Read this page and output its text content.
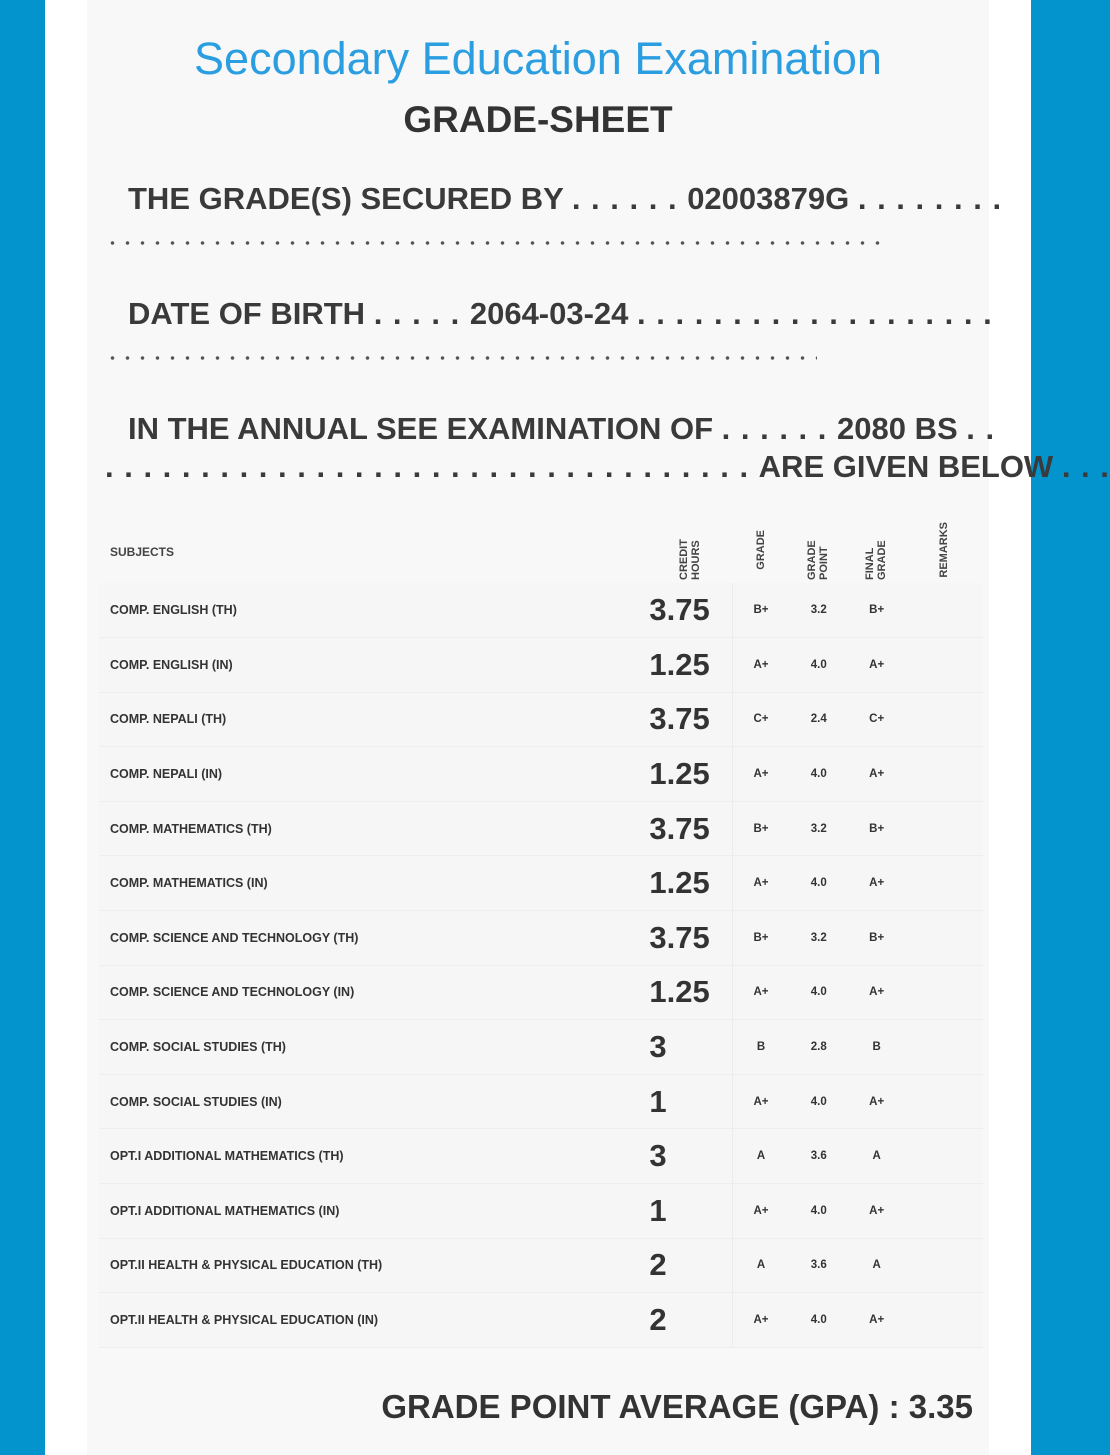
Secondary Education Examination
GRADE-SHEET
THE GRADE(S) SECURED BY . . . . . . 02003879G . . . . . . . .
DATE OF BIRTH . . . . . 2064-03-24 . . . . . . . . . . . . . . . . . . .
IN THE ANNUAL SEE EXAMINATION OF . . . . . . 2080 BS . .
. . . . . . . . . . . . . . . . . . . . . . . . . . . . . . . . . . ARE GIVEN BELOW . . .
SUBJECTS	CREDIT HOURS	GRADE	GRADE POINT	FINAL GRADE	REMARKS
COMP. ENGLISH (TH)	3.75	B+	3.2	B+	
COMP. ENGLISH (IN)	1.25	A+	4.0	A+	
COMP. NEPALI (TH)	3.75	C+	2.4	C+	
COMP. NEPALI (IN)	1.25	A+	4.0	A+	
COMP. MATHEMATICS (TH)	3.75	B+	3.2	B+	
COMP. MATHEMATICS (IN)	1.25	A+	4.0	A+	
COMP. SCIENCE AND TECHNOLOGY (TH)	3.75	B+	3.2	B+	
COMP. SCIENCE AND TECHNOLOGY (IN)	1.25	A+	4.0	A+	
COMP. SOCIAL STUDIES (TH)	3	B	2.8	B	
COMP. SOCIAL STUDIES (IN)	1	A+	4.0	A+	
OPT.I ADDITIONAL MATHEMATICS (TH)	3	A	3.6	A	
OPT.I ADDITIONAL MATHEMATICS (IN)	1	A+	4.0	A+	
OPT.II HEALTH & PHYSICAL EDUCATION (TH)	2	A	3.6	A	
OPT.II HEALTH & PHYSICAL EDUCATION (IN)	2	A+	4.0	A+	
GRADE POINT AVERAGE (GPA) : 3.35
